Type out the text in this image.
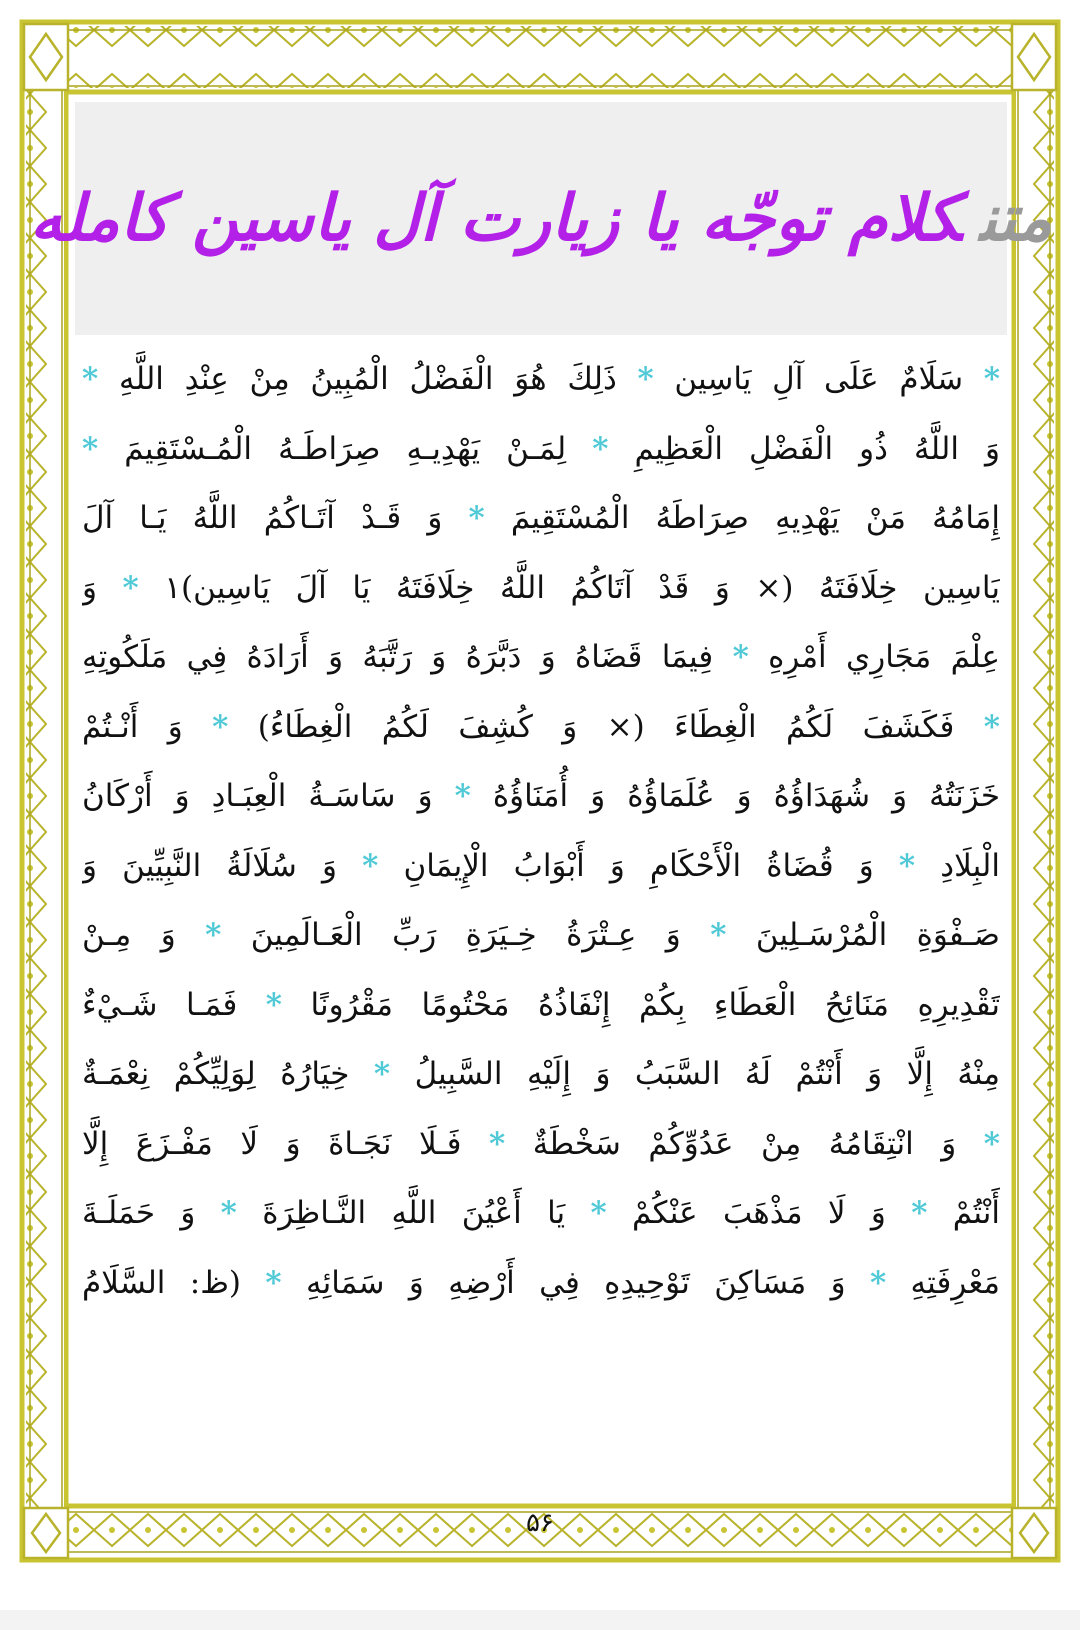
متنکلام توجّه یا زیارت آل یاسین کامله
* سَلَامٌ عَلَى آلِ يَاسِين * ذَلِكَ هُوَ الْفَضْلُ الْمُبِينُ مِنْ عِنْدِ اللَّهِ *
وَ اللَّهُ ذُو الْفَضْلِ الْعَظِيمِ * لِمَـنْ يَهْدِيـهِ صِرَاطَـهُ الْمُـسْتَقِيمَ *
إِمَامُهُ مَنْ يَهْدِيهِ صِرَاطَهُ الْمُسْتَقِيمَ * وَ قَـدْ آتَـاكُمُ اللَّهُ يَـا آلَ
يَاسِين خِلَافَتَهُ (× وَ قَدْ آتَاكُمُ اللَّهُ خِلَافَتَهُ يَا آلَ يَاسِين)١ * وَ
عِلْمَ مَجَارِي أَمْرِهِ * فِيمَا قَضَاهُ وَ دَبَّرَهُ وَ رَتَّبَهُ وَ أَرَادَهُ فِي مَلَكُوتِهِ
* فَكَشَفَ لَكُمُ الْغِطَاءَ (× وَ كُشِفَ لَكُمُ الْغِطَاءُ) * وَ أَنْـتُمْ
خَزَنَتُهُ وَ شُهَدَاؤُهُ وَ عُلَمَاؤُهُ وَ أُمَنَاؤُهُ * وَ سَاسَـةُ الْعِبَـادِ وَ أَرْكَانُ
الْبِلَادِ * وَ قُضَاةُ الْأَحْكَامِ وَ أَبْوَابُ الْإِيمَانِ * وَ سُلَالَةُ النَّبِيِّينَ وَ
صَـفْوَةِ الْمُرْسَـلِينَ * وَ عِـتْرَةُ خِـيَرَةِ رَبِّ الْعَـالَمِينَ * وَ مِـنْ
تَقْدِيرِهِ مَنَائِحُ الْعَطَاءِ بِكُمْ إِنْفَاذُهُ مَحْتُومًا مَقْرُونًا * فَمَـا شَـيْءٌ
مِنْهُ إِلَّا وَ أَنْتُمْ لَهُ السَّبَبُ وَ إِلَيْهِ السَّبِيلُ * خِيَارُهُ لِوَلِيِّكُمْ نِعْمَـةٌ
* وَ انْتِقَامُهُ مِنْ عَدُوِّكُمْ سَخْطَةٌ * فَـلَا نَجَـاةَ وَ لَا مَفْـزَعَ إِلَّا
أَنْتُمْ * وَ لَا مَذْهَبَ عَنْكُمْ * يَا أَعْيُنَ اللَّهِ النَّـاظِرَةَ * وَ حَمَلَـةَ
مَعْرِفَتِهِ * وَ مَسَاكِنَ تَوْحِيدِهِ فِي أَرْضِهِ وَ سَمَائِهِ * (ظ: السَّلَامُ
۵۶
